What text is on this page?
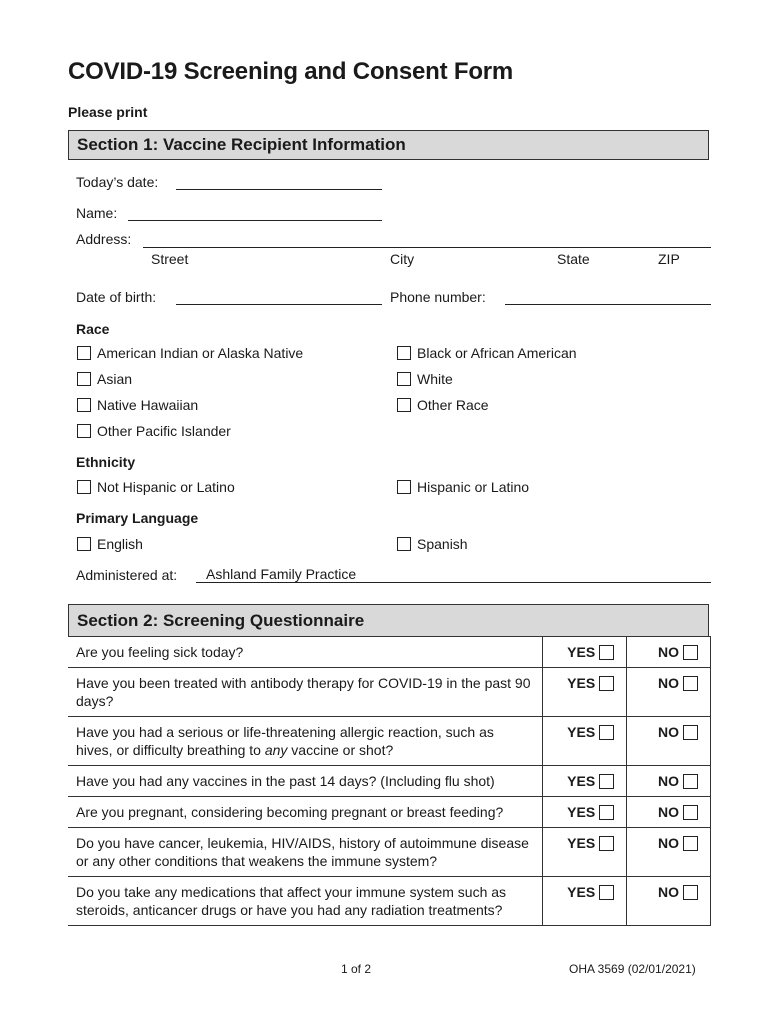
COVID-19 Screening and Consent Form
Please print
Section 1: Vaccine Recipient Information
Today’s date:
Name:
Address:
Street	City	State	ZIP
Date of birth:	Phone number:
Race
American Indian or Alaska Native	Black or African American
Asian	White
Native Hawaiian	Other Race
Other Pacific Islander
Ethnicity
Not Hispanic or Latino	Hispanic or Latino
Primary Language
English	Spanish
Administered at: Ashland Family Practice
Section 2: Screening Questionnaire
Are you feeling sick today?	YES	NO

Have you been treated with antibody therapy for COVID-19 in the past 90 days?	YES	NO

Have you had a serious or life-threatening allergic reaction, such as hives, or difficulty breathing to any vaccine or shot?	YES	NO

Have you had any vaccines in the past 14 days? (Including flu shot)	YES	NO

Are you pregnant, considering becoming pregnant or breast feeding?	YES	NO

Do you have cancer, leukemia, HIV/AIDS, history of autoimmune disease or any other conditions that weakens the immune system?	YES	NO

Do you take any medications that affect your immune system such as steroids, anticancer drugs or have you had any radiation treatments?	YES	NO
1 of 2	OHA 3569 (02/01/2021)
